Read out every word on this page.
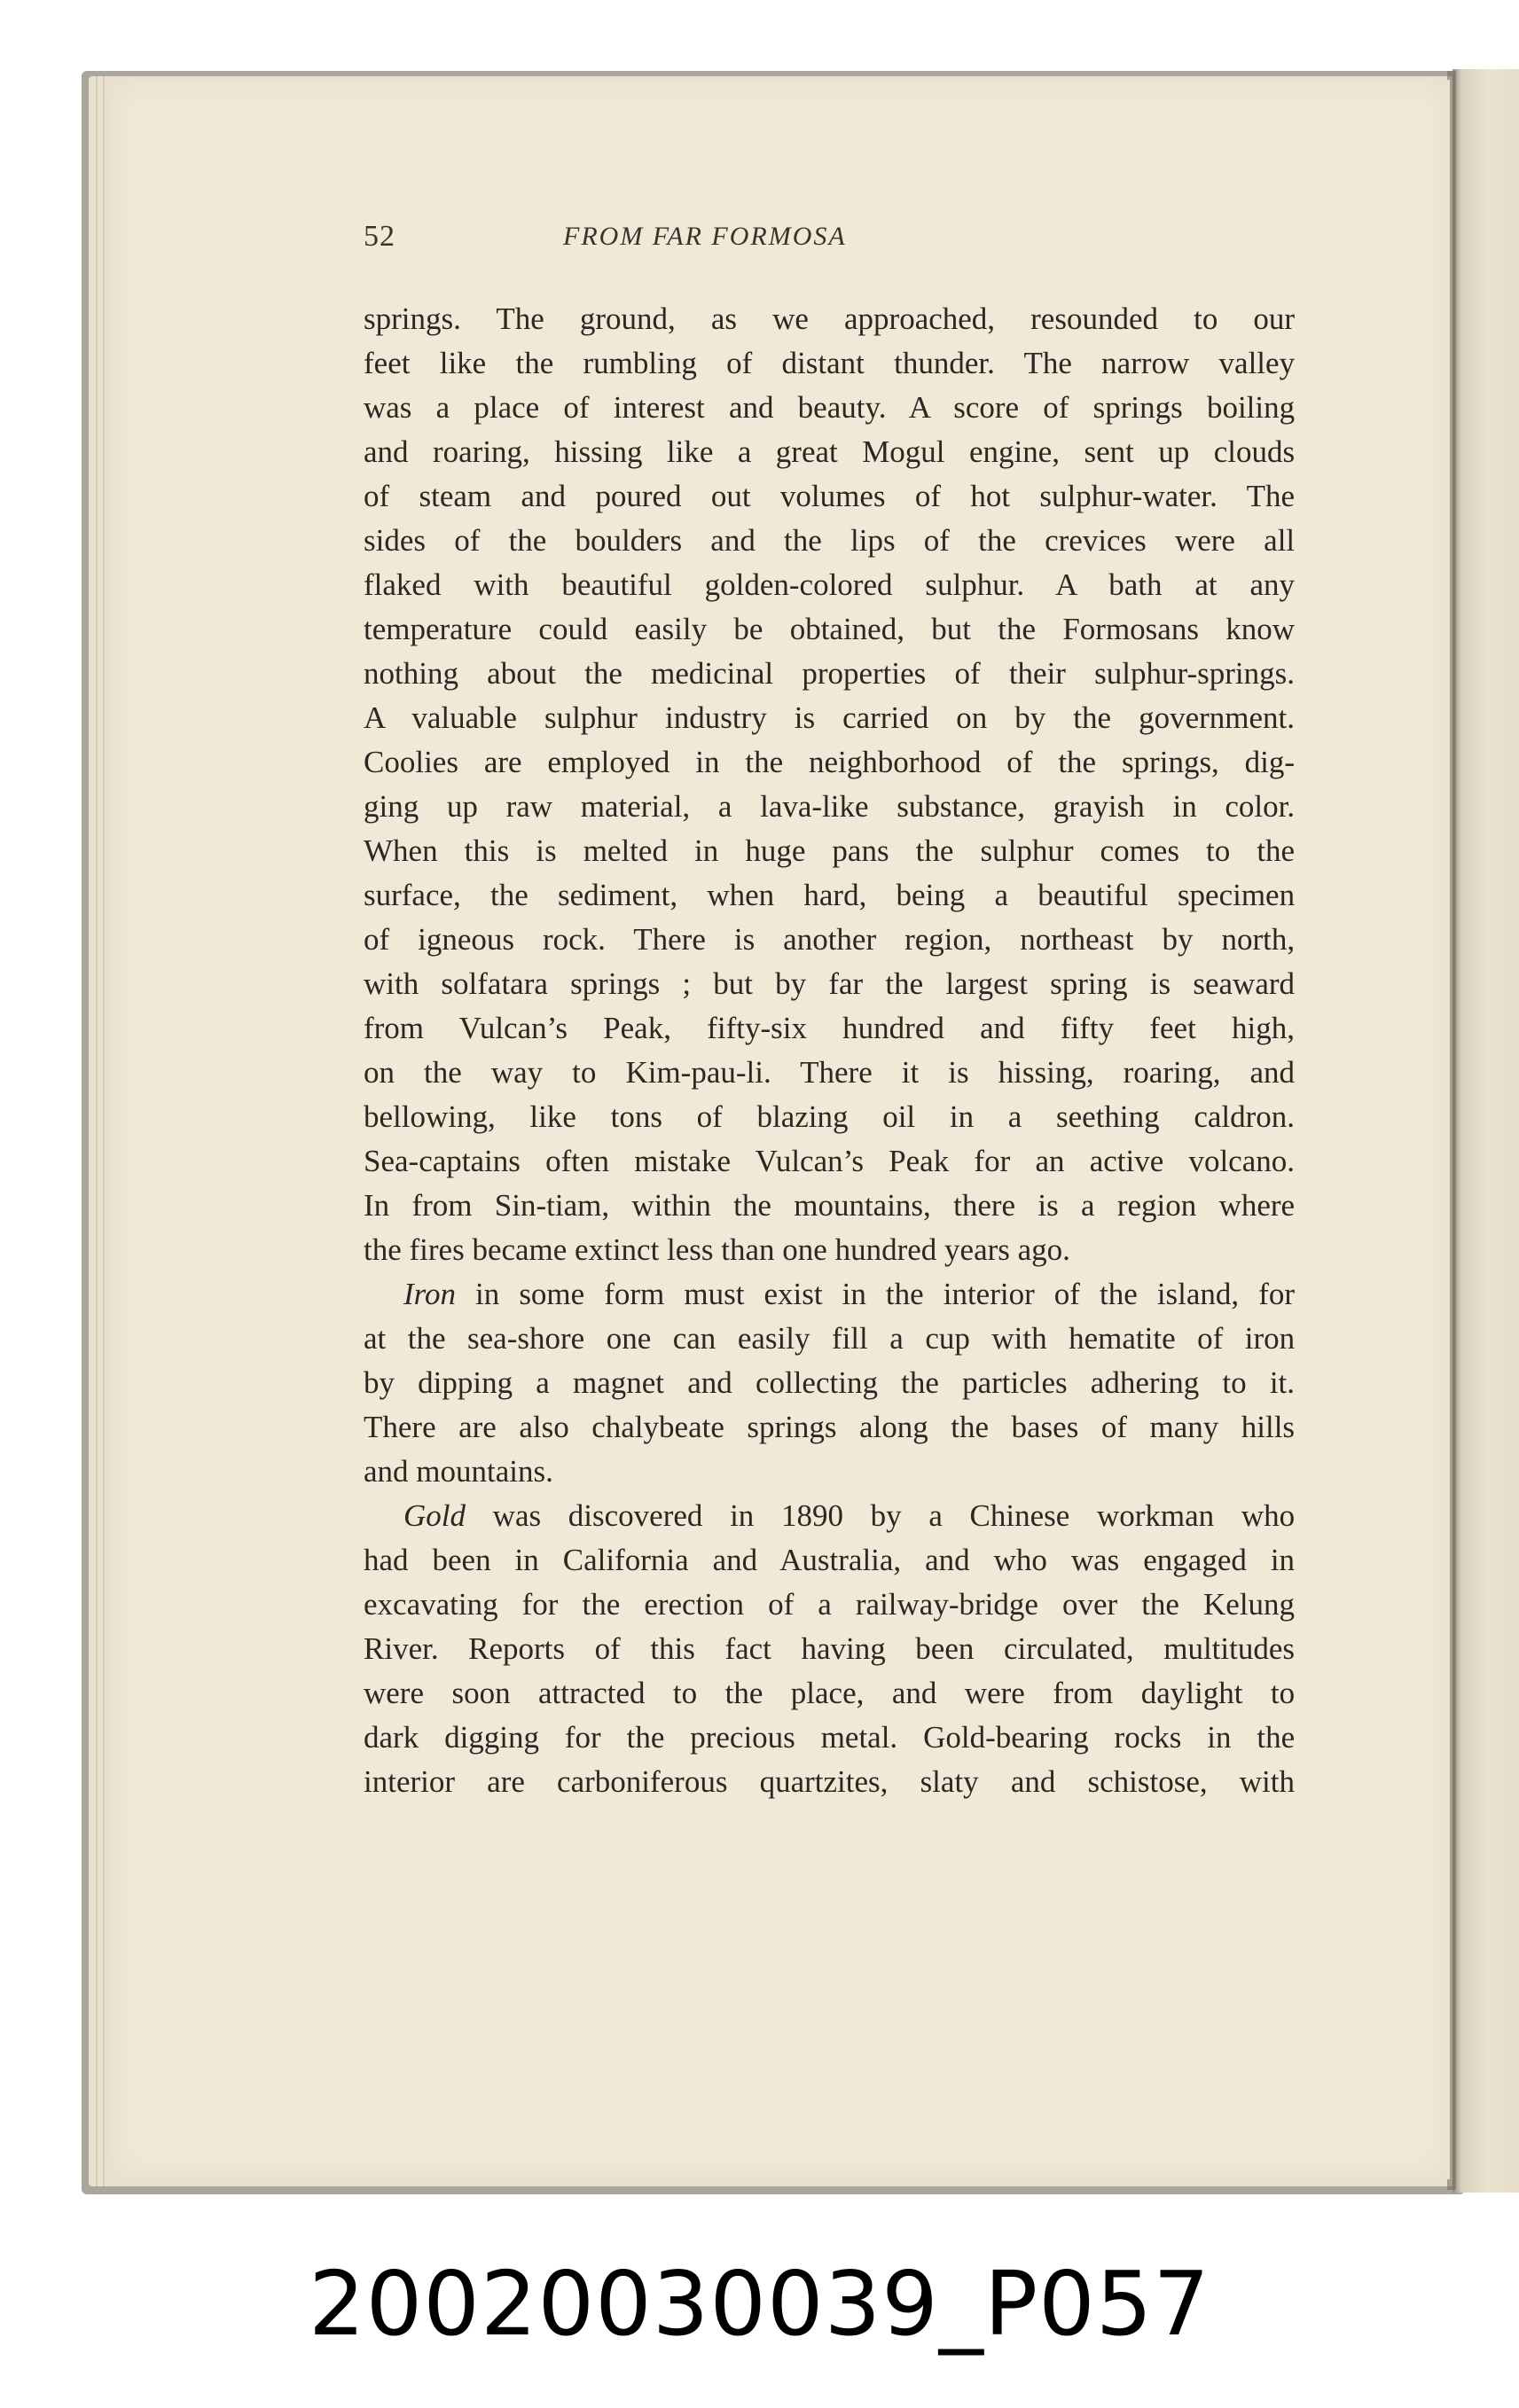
52	FROM FAR FORMOSA
springs. The ground, as we approached, resounded to our
feet like the rumbling of distant thunder. The narrow valley
was a place of interest and beauty. A score of springs boiling
and roaring, hissing like a great Mogul engine, sent up clouds
of steam and poured out volumes of hot sulphur-water. The
sides of the boulders and the lips of the crevices were all
flaked with beautiful golden-colored sulphur. A bath at any
temperature could easily be obtained, but the Formosans know
nothing about the medicinal properties of their sulphur-springs.
A valuable sulphur industry is carried on by the government.
Coolies are employed in the neighborhood of the springs, dig-
ging up raw material, a lava-like substance, grayish in color.
When this is melted in huge pans the sulphur comes to the
surface, the sediment, when hard, being a beautiful specimen
of igneous rock. There is another region, northeast by north,
with solfatara springs ; but by far the largest spring is seaward
from Vulcan’s Peak, fifty-six hundred and fifty feet high,
on the way to Kim-pau-li. There it is hissing, roaring, and
bellowing, like tons of blazing oil in a seething caldron.
Sea-captains often mistake Vulcan’s Peak for an active volcano.
In from Sin-tiam, within the mountains, there is a region where
the fires became extinct less than one hundred years ago.
Iron in some form must exist in the interior of the island, for
at the sea-shore one can easily fill a cup with hematite of iron
by dipping a magnet and collecting the particles adhering to it.
There are also chalybeate springs along the bases of many hills
and mountains.
Gold was discovered in 1890 by a Chinese workman who
had been in California and Australia, and who was engaged in
excavating for the erection of a railway-bridge over the Kelung
River. Reports of this fact having been circulated, multitudes
were soon attracted to the place, and were from daylight to
dark digging for the precious metal. Gold-bearing rocks in the
interior are carboniferous quartzites, slaty and schistose, with
20020030039_P057
